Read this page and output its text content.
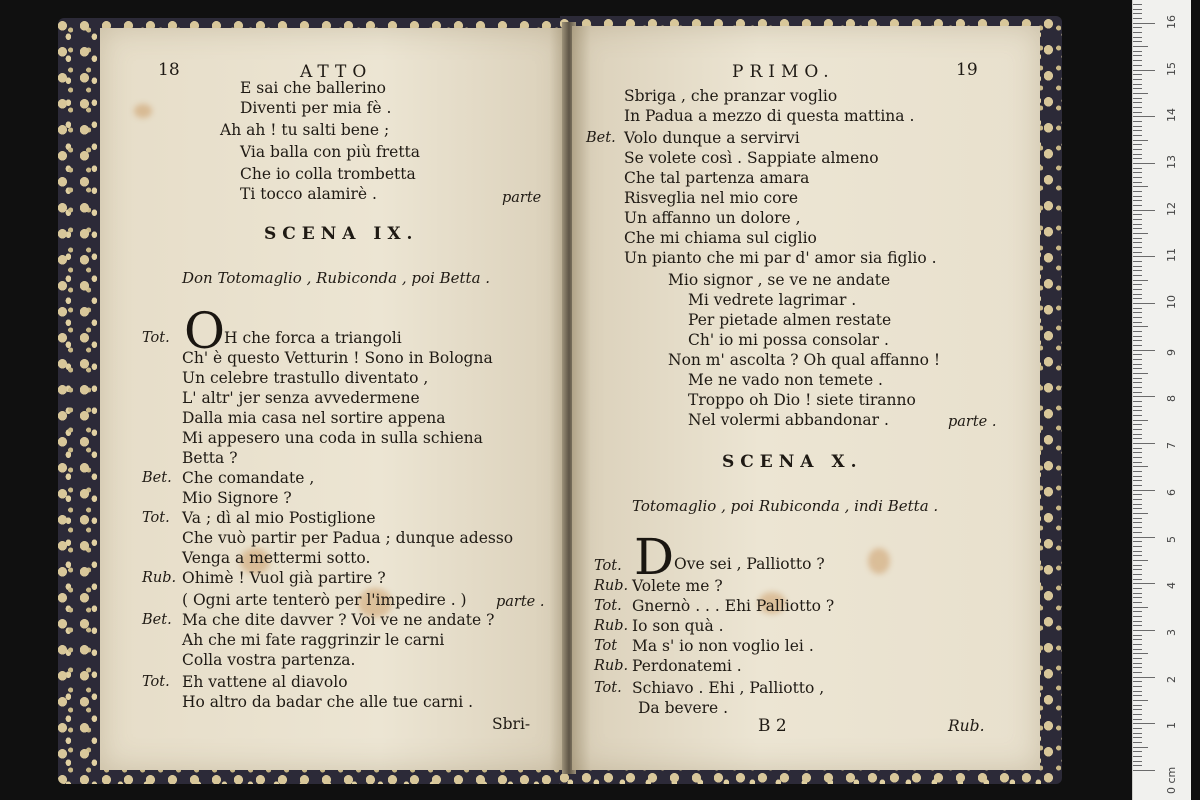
18	ATTO
E sai che ballerino
Diventi per mia fè .
Ah ah ! tu salti bene ;
Via balla con più fretta
Che io colla trombetta
Ti tocco alamirè .	parte
SCENA IX.
Don Totomaglio , Rubiconda , poi Betta .
Tot. O H che forca a triangoli
Ch' è questo Vetturin ! Sono in Bologna
Un celebre trastullo diventato ,
L' altr' jer senza avvedermene
Dalla mia casa nel sortire appena
Mi appesero una coda in sulla schiena
Betta ?
Bet. Che comandate ,
Mio Signore ?
Tot. Va ; dì al mio Postiglione
Che vuò partir per Padua ; dunque adesso
Venga a mettermi sotto.
Rub. Ohimè ! Vuol già partire ?
( Ogni arte tenterò per l'impedire . ) parte .
Bet. Ma che dite davver ? Voi ve ne andate ?
Ah che mi fate raggrinzir le carni
Colla vostra partenza.
Tot. Eh vattene al diavolo
Ho altro da badar che alle tue carni .
Sbri-
PRIMO.	19
Sbriga , che pranzar voglio
In Padua a mezzo di questa mattina .
Bet. Volo dunque a servirvi
Se volete così . Sappiate almeno
Che tal partenza amara
Risveglia nel mio core
Un affanno un dolore ,
Che mi chiama sul ciglio
Un pianto che mi par d' amor sia figlio .
Mio signor , se ve ne andate
Mi vedrete lagrimar .
Per pietade almen restate
Ch' io mi possa consolar .
Non m' ascolta ? Oh qual affanno !
Me ne vado non temete .
Troppo oh Dio ! siete tiranno
Nel volermi abbandonar .	parte .
SCENA X.
Totomaglio , poi Rubiconda , indi Betta .
Tot. D Ove sei , Palliotto ?
Rub. Volete me ?
Tot. Gnernò . . . Ehi Palliotto ?
Rub. Io son quà .
Tot Ma s' io non voglio lei .
Rub. Perdonatemi .
Tot. Schiavo . Ehi , Palliotto ,
Da bevere .
B 2	Rub.
0 cm
1
2
3
4
5
6
7
8
9
10
11
12
13
14
15
16
